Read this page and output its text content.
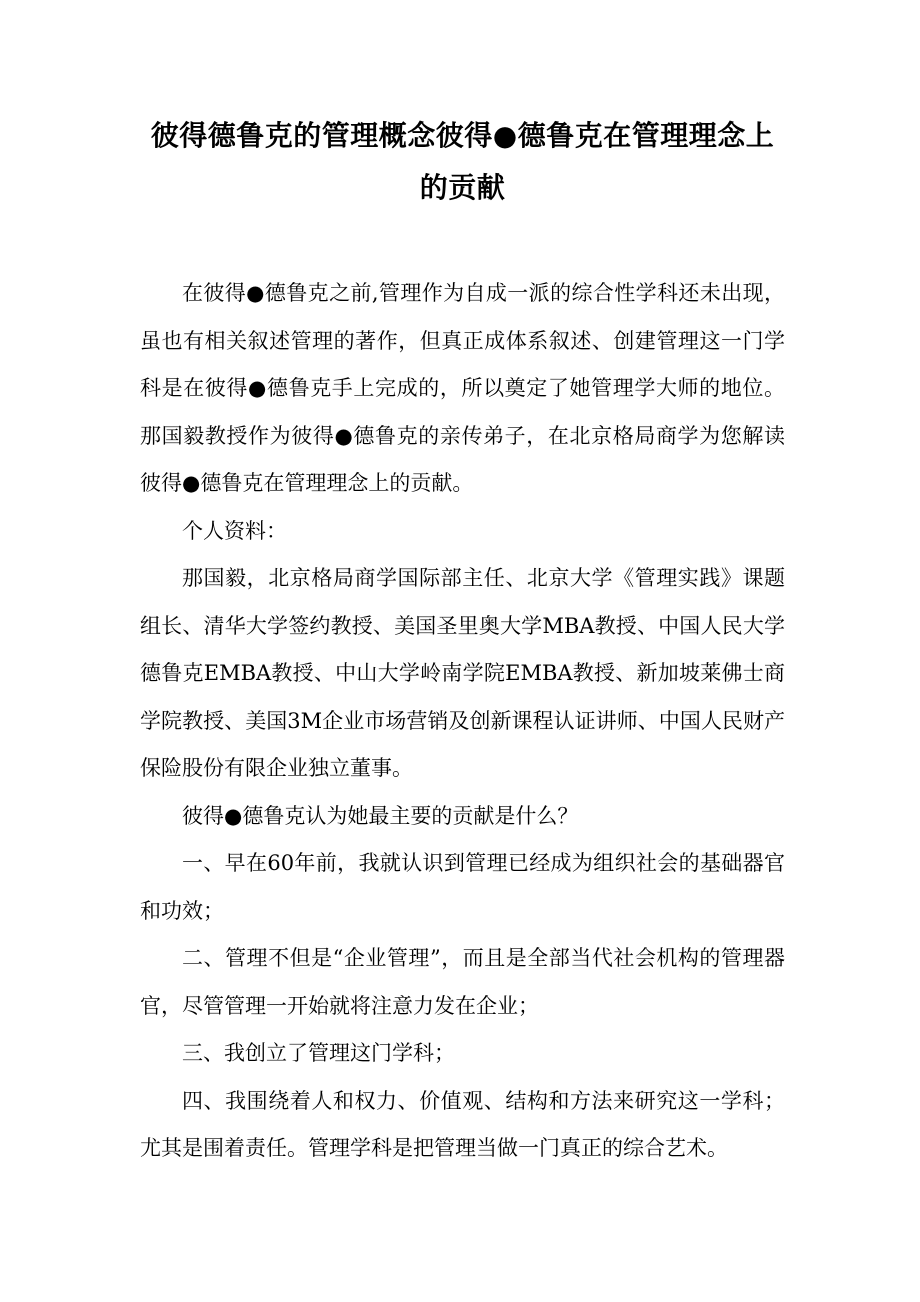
彼得德鲁克的管理概念彼得●德鲁克在管理理念上的贡献

在彼得●德鲁克之前,管理作为自成一派的综合性学科还未出现，虽也有相关叙述管理的著作，但真正成体系叙述、创建管理这一门学科是在彼得●德鲁克手上完成的，所以奠定了她管理学大师的地位。那国毅教授作为彼得●德鲁克的亲传弟子，在北京格局商学为您解读彼得●德鲁克在管理理念上的贡献。

个人资料：

那国毅，北京格局商学国际部主任、北京大学《管理实践》课题组长、清华大学签约教授、美国圣里奥大学MBA教授、中国人民大学德鲁克EMBA教授、中山大学岭南学院EMBA教授、新加坡莱佛士商学院教授、美国3M企业市场营销及创新课程认证讲师、中国人民财产保险股份有限企业独立董事。

彼得●德鲁克认为她最主要的贡献是什么？

一、早在60年前，我就认识到管理已经成为组织社会的基础器官和功效；

二、管理不但是“企业管理”，而且是全部当代社会机构的管理器官，尽管管理一开始就将注意力发在企业；

三、我创立了管理这门学科；

四、我围绕着人和权力、价值观、结构和方法来研究这一学科；尤其是围着责任。管理学科是把管理当做一门真正的综合艺术。
